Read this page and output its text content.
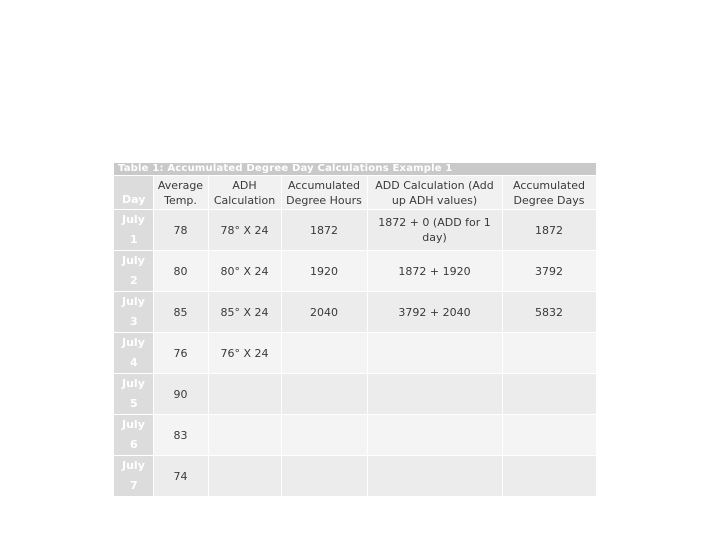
Table 1: Accumulated Degree Day Calculations Example 1					
Day	Average Temp.	ADH Calculation	Accumulated Degree Hours	ADD Calculation (Add up ADH values)	Accumulated Degree Days

July
1	78	78° X 24	1872	1872 + 0 (ADD for 1 day)	1872

July
2	80	80° X 24	1920	1872 + 1920	3792

July
3	85	85° X 24	2040	3792 + 2040	5832

July
4	76	76° X 24			

July
5	90				

July
6	83				

July
7	74				
